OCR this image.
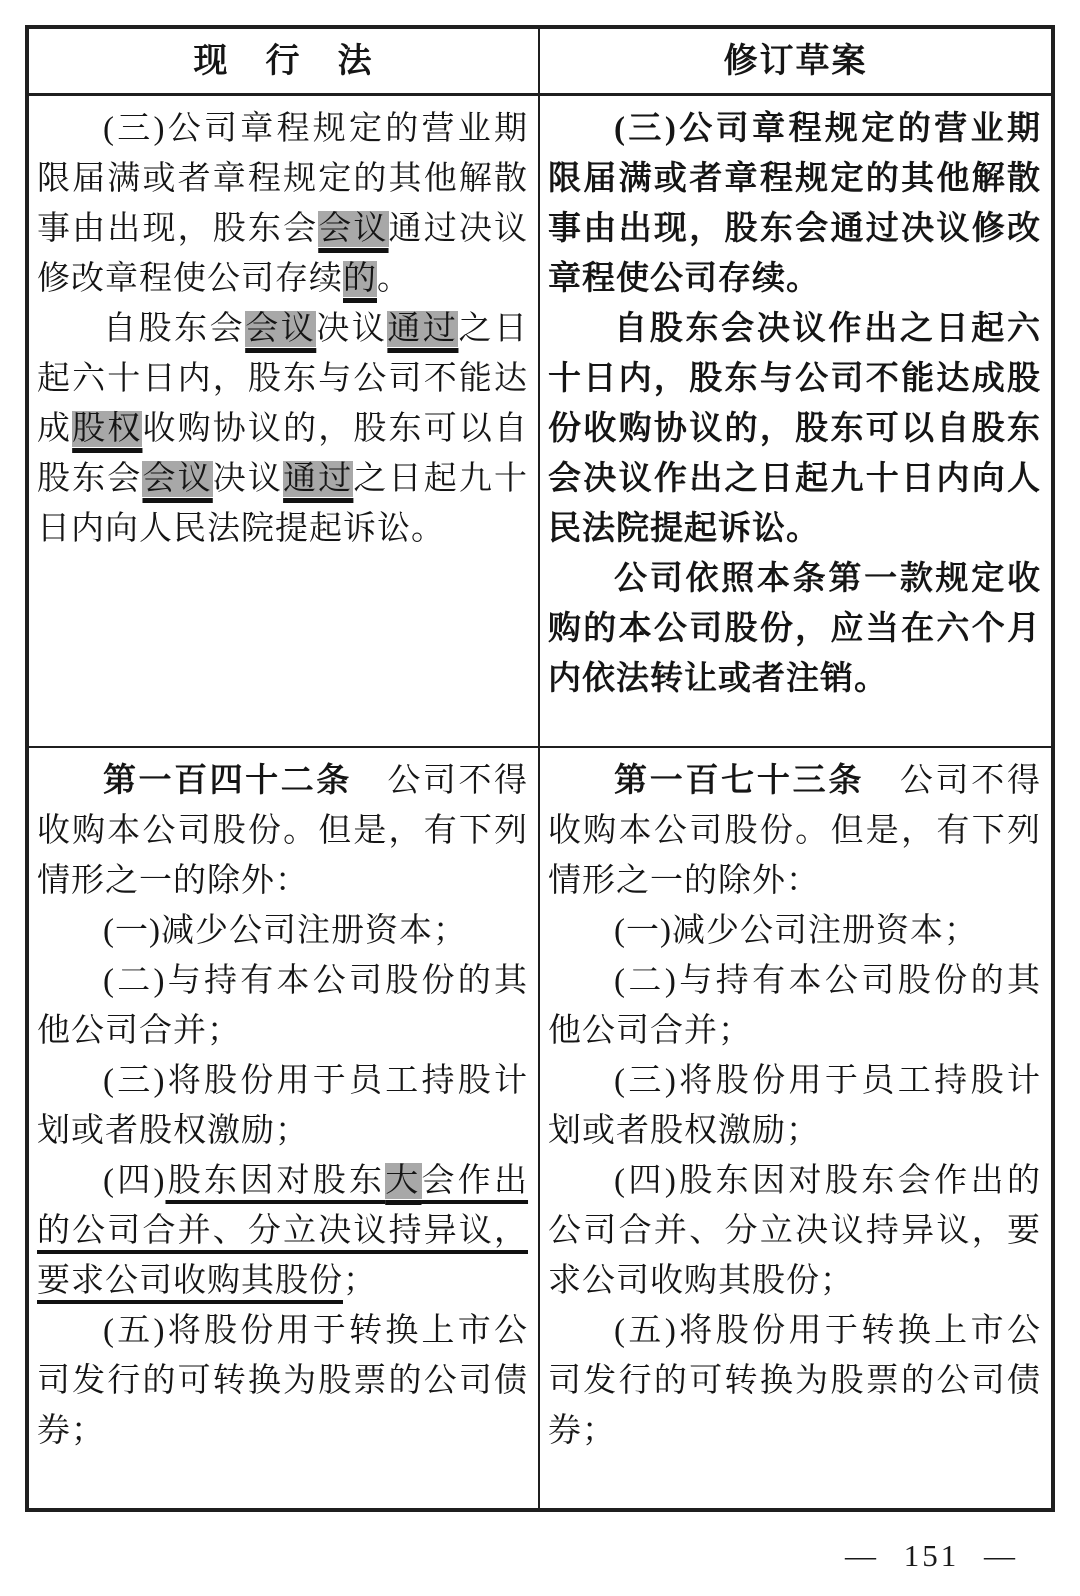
现　行　法	修订草案

(三)公司章程规定的营业期限届满或者章程规定的其他解散事由出现，股东会会议通过决议修改章程使公司存续的。

自股东会会议决议通过之日起六十日内，股东与公司不能达成股权收购协议的，股东可以自股东会会议决议通过之日起九十日内向人民法院提起诉讼。

(三)公司章程规定的营业期限届满或者章程规定的其他解散事由出现，股东会通过决议修改章程使公司存续。

自股东会决议作出之日起六十日内，股东与公司不能达成股份收购协议的，股东可以自股东会决议作出之日起九十日内向人民法院提起诉讼。

公司依照本条第一款规定收购的本公司股份，应当在六个月内依法转让或者注销。

第一百四十二条　公司不得收购本公司股份。但是，有下列情形之一的除外：

(一)减少公司注册资本；

(二)与持有本公司股份的其他公司合并；

(三)将股份用于员工持股计划或者股权激励；

(四)股东因对股东大会作出的公司合并、分立决议持异议，要求公司收购其股份；

(五)将股份用于转换上市公司发行的可转换为股票的公司债券；

第一百七十三条　公司不得收购本公司股份。但是，有下列情形之一的除外：

(一)减少公司注册资本；

(二)与持有本公司股份的其他公司合并；

(三)将股份用于员工持股计划或者股权激励；

(四)股东因对股东会作出的公司合并、分立决议持异议，要求公司收购其股份；

(五)将股份用于转换上市公司发行的可转换为股票的公司债券；

— 151 —
